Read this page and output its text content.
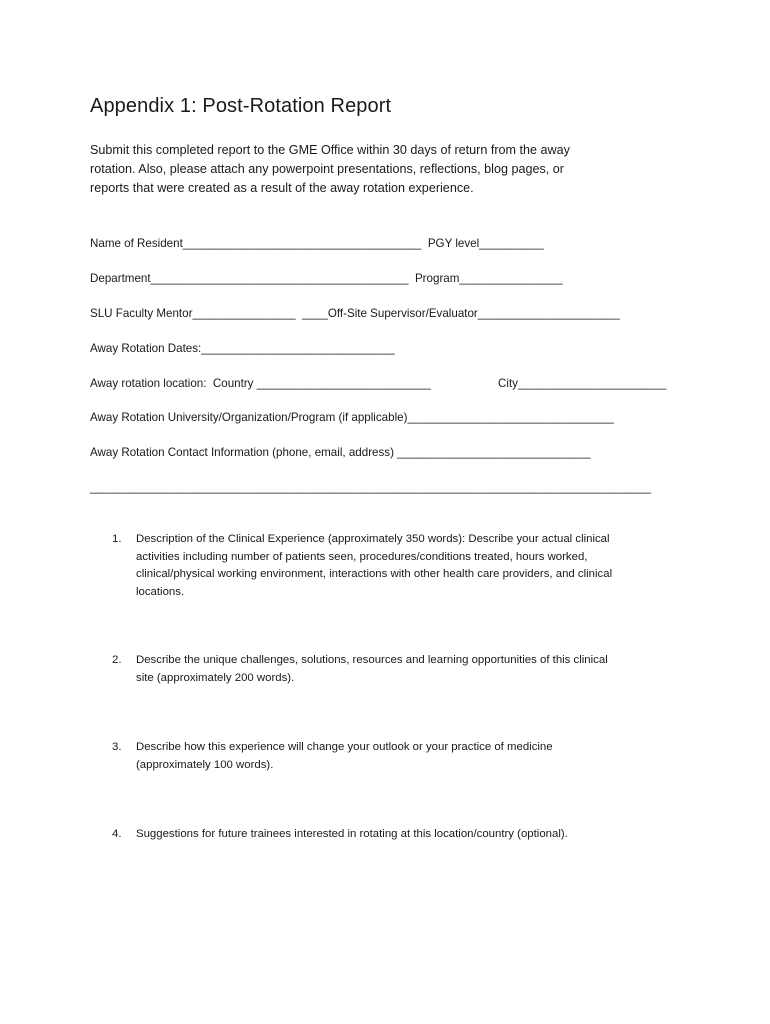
Appendix 1: Post-Rotation Report
Submit this completed report to the GME Office within 30 days of return from the away
rotation. Also, please attach any powerpoint presentations, reflections, blog pages, or
reports that were created as a result of the away rotation experience.
Name of Resident_____________________________________ PGY level__________
Department________________________________________ Program________________
SLU Faculty Mentor________________ ____Off-Site Supervisor/Evaluator______________________
Away Rotation Dates:______________________________
Away rotation location:  Country ___________________________	City_______________________
Away Rotation University/Organization/Program (if applicable)________________________________
Away Rotation Contact Information (phone, email, address) ______________________________
_______________________________________________________________________________________
1. Description of the Clinical Experience (approximately 350 words): Describe your actual clinical
activities including number of patients seen, procedures/conditions treated, hours worked,
clinical/physical working environment, interactions with other health care providers, and clinical
locations.
2. Describe the unique challenges, solutions, resources and learning opportunities of this clinical
site (approximately 200 words).
3. Describe how this experience will change your outlook or your practice of medicine
(approximately 100 words).
4. Suggestions for future trainees interested in rotating at this location/country (optional).
